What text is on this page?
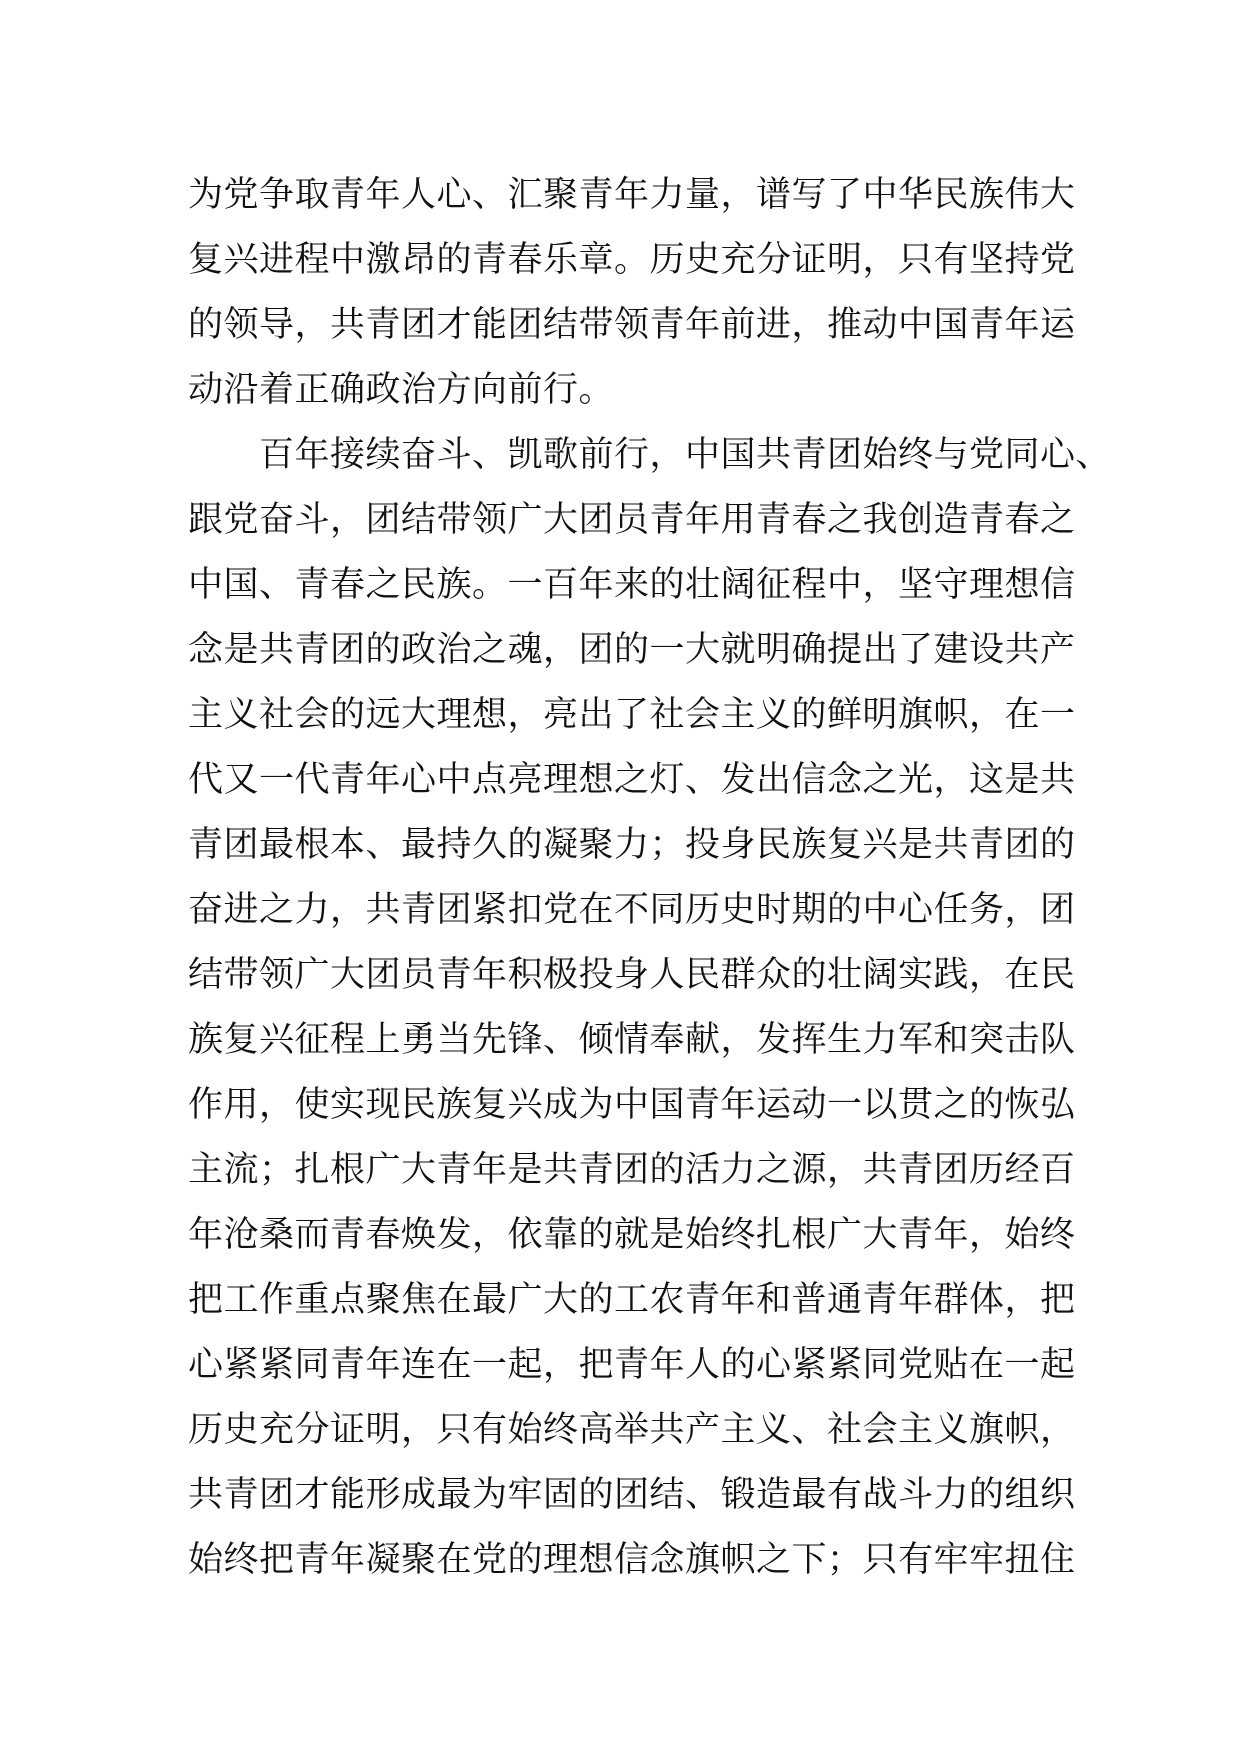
为党争取青年人心、汇聚青年力量，谱写了中华民族伟大
复兴进程中激昂的青春乐章。历史充分证明，只有坚持党
的领导，共青团才能团结带领青年前进，推动中国青年运
动沿着正确政治方向前行。
　　百年接续奋斗、凯歌前行，中国共青团始终与党同心、
跟党奋斗，团结带领广大团员青年用青春之我创造青春之
中国、青春之民族。一百年来的壮阔征程中，坚守理想信
念是共青团的政治之魂，团的一大就明确提出了建设共产
主义社会的远大理想，亮出了社会主义的鲜明旗帜，在一
代又一代青年心中点亮理想之灯、发出信念之光，这是共
青团最根本、最持久的凝聚力；投身民族复兴是共青团的
奋进之力，共青团紧扣党在不同历史时期的中心任务，团
结带领广大团员青年积极投身人民群众的壮阔实践，在民
族复兴征程上勇当先锋、倾情奉献，发挥生力军和突击队
作用，使实现民族复兴成为中国青年运动一以贯之的恢弘
主流；扎根广大青年是共青团的活力之源，共青团历经百
年沧桑而青春焕发，依靠的就是始终扎根广大青年，始终
把工作重点聚焦在最广大的工农青年和普通青年群体，把
心紧紧同青年连在一起，把青年人的心紧紧同党贴在一起
历史充分证明，只有始终高举共产主义、社会主义旗帜，
共青团才能形成最为牢固的团结、锻造最有战斗力的组织
始终把青年凝聚在党的理想信念旗帜之下；只有牢牢扭住
